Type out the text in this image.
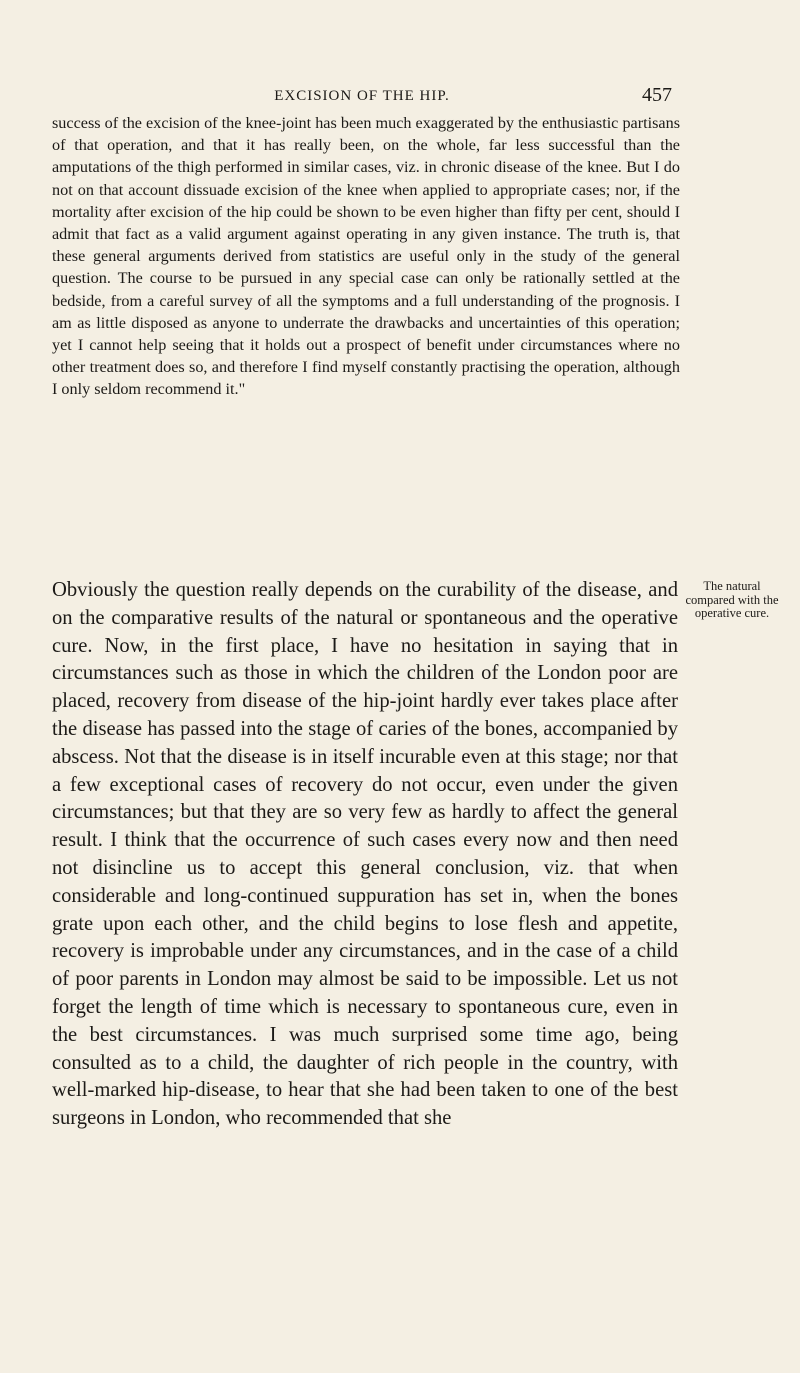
EXCISION OF THE HIP.	457

success of the excision of the knee-joint has been much exaggerated by the enthusiastic partisans of that operation, and that it has really been, on the whole, far less successful than the amputations of the thigh performed in similar cases, viz. in chronic disease of the knee. But I do not on that account dissuade excision of the knee when applied to appropriate cases; nor, if the mortality after excision of the hip could be shown to be even higher than fifty per cent, should I admit that fact as a valid argument against operating in any given instance. The truth is, that these general arguments derived from statistics are useful only in the study of the general question. The course to be pursued in any special case can only be rationally settled at the bedside, from a careful survey of all the symptoms and a full understanding of the prognosis. I am as little disposed as anyone to underrate the drawbacks and uncertainties of this operation; yet I cannot help seeing that it holds out a prospect of benefit under circumstances where no other treatment does so, and therefore I find myself constantly practising the operation, although I only seldom recommend it."

Obviously the question really depends on the curability of the disease, and on the comparative results of the natural or spontaneous and the operative cure. Now, in the first place, I have no hesitation in saying that in circumstances such as those in which the children of the London poor are placed, recovery from disease of the hip-joint hardly ever takes place after the disease has passed into the stage of caries of the bones, accompanied by abscess. Not that the disease is in itself incurable even at this stage; nor that a few exceptional cases of recovery do not occur, even under the given circumstances; but that they are so very few as hardly to affect the general result. I think that the occurrence of such cases every now and then need not disincline us to accept this general conclusion, viz. that when considerable and long-continued suppuration has set in, when the bones grate upon each other, and the child begins to lose flesh and appetite, recovery is improbable under any circumstances, and in the case of a child of poor parents in London may almost be said to be impossible. Let us not forget the length of time which is necessary to spontaneous cure, even in the best circumstances. I was much surprised some time ago, being consulted as to a child, the daughter of rich people in the country, with well-marked hip-disease, to hear that she had been taken to one of the best surgeons in London, who recommended that she

The natural compared with the operative cure.
